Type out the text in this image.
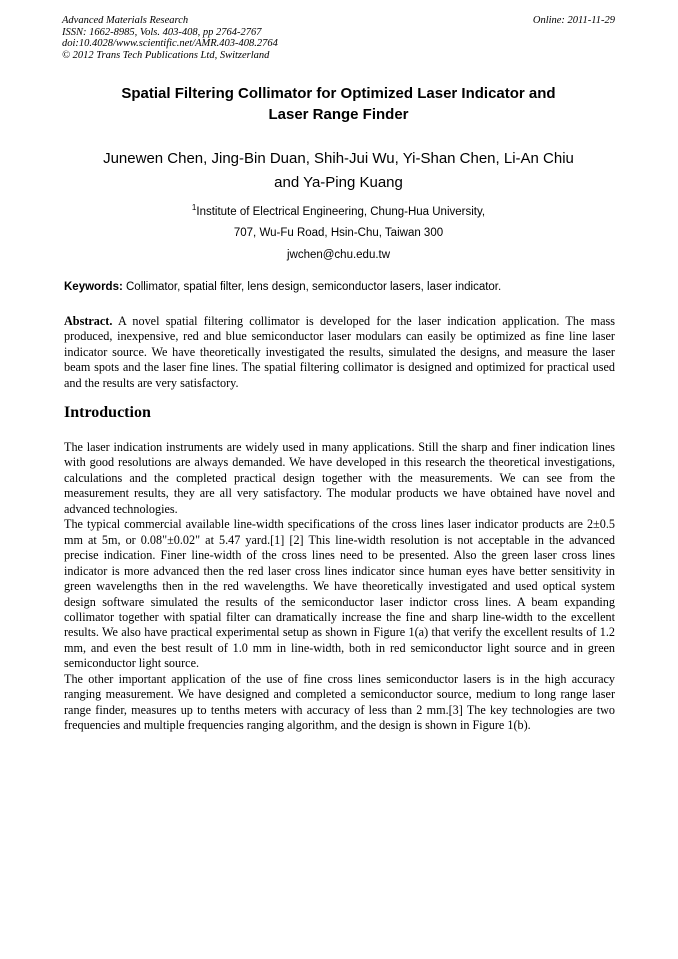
Advanced Materials Research
ISSN: 1662-8985, Vols. 403-408, pp 2764-2767
doi:10.4028/www.scientific.net/AMR.403-408.2764
© 2012 Trans Tech Publications Ltd, Switzerland
Online: 2011-11-29
Spatial Filtering Collimator for Optimized Laser Indicator and
Laser Range Finder
Junewen Chen, Jing-Bin Duan, Shih-Jui Wu, Yi-Shan Chen, Li-An Chiu
and Ya-Ping Kuang
$^1$Institute of Electrical Engineering, Chung-Hua University,
707, Wu-Fu Road, Hsin-Chu, Taiwan 300
jwchen@chu.edu.tw
Keywords: Collimator, spatial filter, lens design, semiconductor lasers, laser indicator.
Abstract. A novel spatial filtering collimator is developed for the laser indication application. The mass produced, inexpensive, red and blue semiconductor laser modulars can easily be optimized as fine line laser indicator source. We have theoretically investigated the results, simulated the designs, and measure the laser beam spots and the laser fine lines. The spatial filtering collimator is designed and optimized for practical used and the results are very satisfactory.
Introduction

The laser indication instruments are widely used in many applications. Still the sharp and finer indication lines with good resolutions are always demanded. We have developed in this research the theoretical investigations, calculations and the completed practical design together with the measurements. We can see from the measurement results, they are all very satisfactory. The modular products we have obtained have novel and advanced technologies.

The typical commercial available line-width specifications of the cross lines laser indicator products are 2±0.5 mm at 5m, or 0.08"±0.02" at 5.47 yard.[1] [2] This line-width resolution is not acceptable in the advanced precise indication. Finer line-width of the cross lines need to be presented. Also the green laser cross lines indicator is more advanced then the red laser cross lines indicator since human eyes have better sensitivity in green wavelengths then in the red wavelengths. We have theoretically investigated and used optical system design software simulated the results of the semiconductor laser indictor cross lines. A beam expanding collimator together with spatial filter can dramatically increase the fine and sharp line-width to the excellent results. We also have practical experimental setup as shown in Figure 1(a) that verify the excellent results of 1.2 mm, and even the best result of 1.0 mm in line-width, both in red semiconductor light source and in green semiconductor light source.

The other important application of the use of fine cross lines semiconductor lasers is in the high accuracy ranging measurement. We have designed and completed a semiconductor source, medium to long range laser range finder, measures up to tenths meters with accuracy of less than 2 mm.[3] The key technologies are two frequencies and multiple frequencies ranging algorithm, and the design is shown in Figure 1(b).
